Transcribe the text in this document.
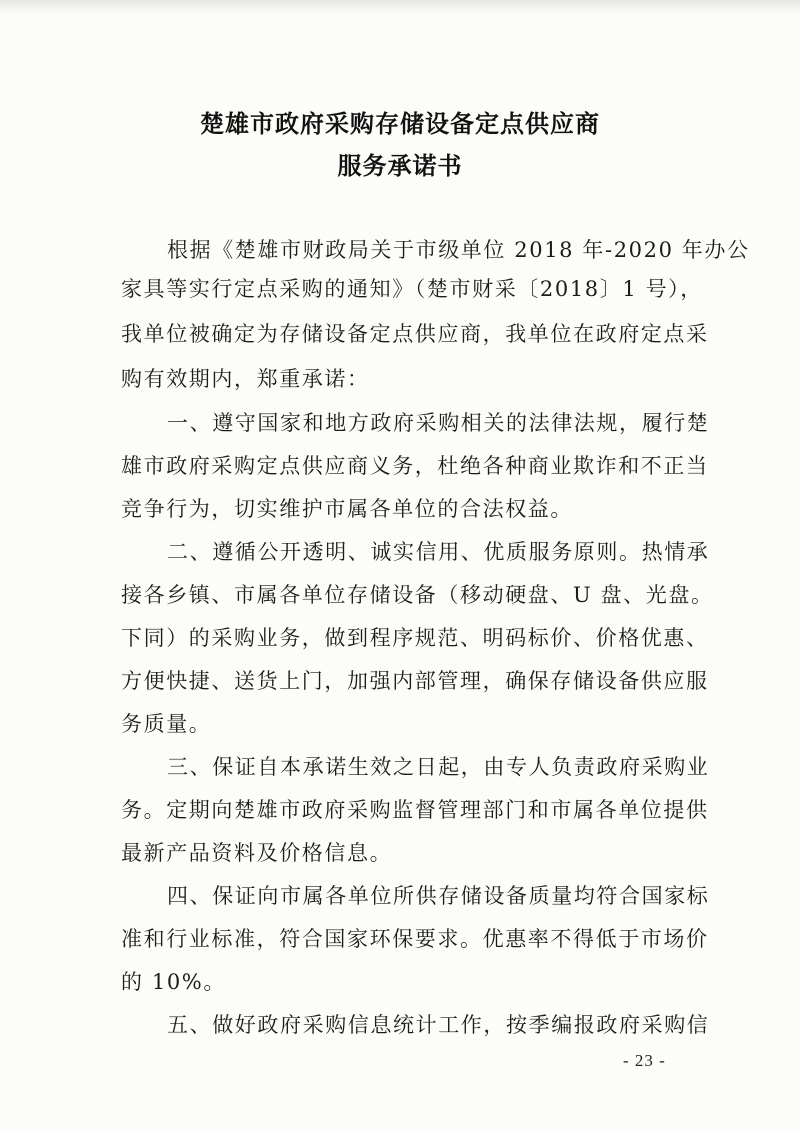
楚雄市政府采购存储设备定点供应商
服务承诺书
根据《楚雄市财政局关于市级单位 2018 年-2020 年办公
家具等实行定点采购的通知》（楚市财采〔2018〕1 号），
我单位被确定为存储设备定点供应商，我单位在政府定点采
购有效期内，郑重承诺：
一、遵守国家和地方政府采购相关的法律法规，履行楚
雄市政府采购定点供应商义务，杜绝各种商业欺诈和不正当
竞争行为，切实维护市属各单位的合法权益。
二、遵循公开透明、诚实信用、优质服务原则。热情承
接各乡镇、市属各单位存储设备（移动硬盘、U 盘、光盘。
下同）的采购业务，做到程序规范、明码标价、价格优惠、
方便快捷、送货上门，加强内部管理，确保存储设备供应服
务质量。
三、保证自本承诺生效之日起，由专人负责政府采购业
务。定期向楚雄市政府采购监督管理部门和市属各单位提供
最新产品资料及价格信息。
四、保证向市属各单位所供存储设备质量均符合国家标
准和行业标准，符合国家环保要求。优惠率不得低于市场价
的 10%。
五、做好政府采购信息统计工作，按季编报政府采购信
- 23 -
